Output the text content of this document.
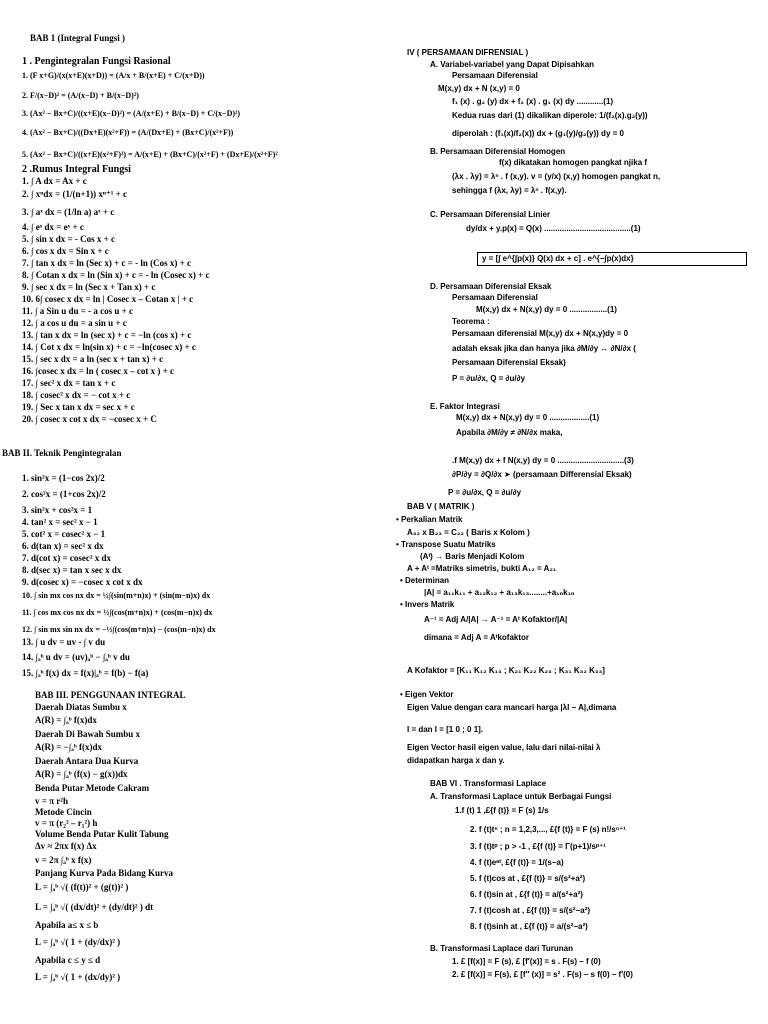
BAB 1 (Integral Fungsi )
1 . Pengintegralan Fungsi Rasional
1. (F x+G)/(x(x+E)(x+D)) = (A/x + B/(x+E) + C/(x+D))
2. F/(x−D)² = (A/(x−D) + B/(x−D)²)
3. (Ax² − Bx+C)/((x+E)(x−D)²) = (A/(x+E) + B/(x−D) + C/(x−D)²)
4. (Ax² − Bx+C)/((Dx+E)(x²+F)) = (A/(Dx+E) + (Bx+C)/(x²+F))
5. (Ax² − Bx+C)/((x+E)(x²+F)²) = A/(x+E) + (Bx+C)/(x²+F) + (Dx+E)/(x²+F)²
2 .Rumus Integral Fungsi
1. ∫ A dx = Ax + c
2. ∫ xⁿdx = (1/(n+1)) xⁿ⁺¹ + c
3. ∫ aˣ dx = (1/ln a) aˣ + c
4. ∫ eˣ dx = eˣ + c
5. ∫ sin x dx = - Cos x + c
6. ∫ cos x dx = Sin x + c
7. ∫ tan x dx = ln (Sec x) + c = - ln (Cos x) + c
8. ∫ Cotan x dx = ln (Sin x) + c = - ln (Cosec x) + c
9. ∫ sec x dx = ln (Sec x + Tan x) + c
10. 6∫ cosec x dx = ln | Cosec x – Cotan x | + c
11. ∫ a Sin u du = - a cos u + c
12. ∫ a cos u du = a sin u + c
13. ∫ tan x dx = ln (sec x) + c = −ln (cos x) + c
14. ∫ Cot x dx = ln(sin x) + c = −ln(cosec x) + c
15. ∫ sec x dx = a ln (sec x + tan x) + c
16. ∫cosec x dx = ln ( cosec x – cot x ) + c
17. ∫ sec² x dx = tan x + c
18. ∫ cosec² x dx = − cot x + c
19. ∫ Sec x tan x dx = sec x + c
20. ∫ cosec x cot x dx = −cosec x + C
BAB II. Teknik Pengintegralan
1. sin²x = (1−cos 2x)/2
2. cos²x = (1+cos 2x)/2
3. sin²x + cos²x = 1
4. tan² x = sec² x − 1
5. cot² x = cosec² x − 1
6. d(tan x) = sec² x dx
7. d(cot x) = cosec² x dx
8. d(sec x) = tan x sec x dx
9. d(cosec x) = −cosec x cot x dx
10. ∫ sin mx cos nx dx = ½∫(sin(m+n)x) + (sin(m−n)x) dx
11. ∫ cos mx cos nx dx = ½∫(cos(m+n)x) + (cos(m−n)x) dx
12. ∫ sin mx sin nx dx = −½∫(cos(m+n)x) − (cos(m−n)x) dx
13. ∫ u dv = uv - ∫ v du
14. ∫ₐᵇ u dv = (uv)ₐᵇ − ∫ₐᵇ v du
15. ∫ₐᵇ f(x) dx = f(x)|ₐᵇ = f(b) − f(a)
BAB III. PENGGUNAAN INTEGRAL
Daerah Diatas Sumbu x
A(R) = ∫ₐᵇ f(x)dx
Daerah Di Bawah Sumbu x
A(R) = −∫ₐᵇ f(x)dx
Daerah Antara Dua Kurva
A(R) = ∫ₐᵇ (f(x) − g(x))dx
Benda Putar Metode Cakram
v = π r²h
Metode Cincin
v = π (r₂² – r₁²) h
Volume Benda Putar Kulit Tabung
Δv ≈ 2πx f(x) Δx
v = 2π ∫ₐᵇ x f(x)
Panjang Kurva Pada Bidang Kurva
L = ∫ₐᵇ √( (f(t))² + (g(t))² )
L = ∫ₐᵇ √( (dx/dt)² + (dy/dt)² ) dt
Apabila a≤ x ≤ b
L = ∫ₐᵇ √( 1 + (dy/dx)² )
Apabila c ≤ y ≤ d
L = ∫ₐᵇ √( 1 + (dx/dy)² )
IV ( PERSAMAAN DIFRENSIAL )
A. Variabel-variabel yang Dapat Dipisahkan
Persamaan Diferensial
M(x,y) dx + N (x,y) = 0
f₁ (x) . g₂ (y) dx + f₂ (x) . g₁ (x) dy ............(1)
Kedua ruas dari (1) dikalikan diperole: 1/(f₂(x).g₂(y))
diperolah : (f₁(x)/f₂(x)) dx + (g₁(y)/g₂(y)) dy = 0
B. Persamaan Diferensial Homogen
f(x) dikatakan homogen pangkat njika f
(λx . λy) = λⁿ . f (x,y). v = (y/x) (x,y) homogen pangkat n,
sehingga f (λx, λy) = λⁿ . f(x,y).
C. Persamaan Diferensial Linier
dy/dx + y.p(x) = Q(x) .......................................(1)
y = [∫ e^{∫p(x)} Q(x) dx + c] . e^{−∫p(x)dx}
D. Persamaan Diferensial Eksak
Persamaan Diferensial
M(x,y) dx + N(x,y) dy = 0 .................(1)
Teorema :
Persamaan diferensial M(x,y) dx + N(x,y)dy = 0
adalah eksak jika dan hanya jika ∂M/∂y ↔ ∂N/∂x (
Persamaan Diferensial Eksak)
P = ∂u/∂x, Q = ∂u/∂y
E. Faktor Integrasi
M(x,y) dx + N(x,y) dy = 0 ..................(1)
Apabila ∂M/∂y ≠ ∂N/∂x maka,
.f M(x,y) dx + f N(x,y) dy = 0 ..............................(3)
∂P/∂y = ∂Q/∂x ➤ (persamaan Differensial Eksak)
P = ∂u/∂x, Q = ∂u/∂y
BAB V ( MATRIK )
• Perkalian Matrik
A₃₂ x B₂₃ = C₂₂ ( Baris x Kolom )
• Transpose Suatu Matriks
(Aᵗ) → Baris Menjadi Kolom
A + Aᵗ =Matriks simetris, bukti A₁₂ = A₂₁
• Determinan
|A| = a₁₁k₁₁ + a₁₂k₁₂ + a₁₃k₁₃........+a₁ₙk₁ₙ
• Invers Matrik
A⁻¹ = Adj A/|A| → A⁻¹ = Aᵗ Kofaktor/|A|
dimana = Adj A = Aᵗkofaktor
A Kofaktor = [K₁₁ K₁₂ K₁₃ ; K₂₁ K₂₂ K₂₃ ; K₃₁ K₃₂ K₃₃]
• Eigen Vektor
Eigen Value dengan cara mancari harga |λI − A|,dimana
I = dan I = [1 0 ; 0 1].
Eigen Vector hasil eigen value, lalu dari nilai-nilai λ
didapatkan harga x dan y.
BAB VI . Transformasi Laplace
A. Transformasi Laplace untuk Berbagai Fungsi
1.f (t) 1 ,£{f (t)} = F (s) 1/s
2. f (t)tⁿ ; n = 1,2,3,..., £{f (t)} = F (s) n!/sⁿ⁺¹
3. f (t)tᵖ ; p > -1 , £{f (t)} = Γ(p+1)/sᵖ⁺¹
4. f (t)eᵃᵗ, £{f (t)} = 1/(s−a)
5. f (t)cos at , £{f (t)} = s/(s²+a²)
6. f (t)sin at , £{f (t)} = a/(s²+a²)
7. f (t)cosh at , £{f (t)} = s/(s²−a²)
8. f (t)sinh at , £{f (t)} = a/(s²−a²)
B. Transformasi Laplace dari Turunan
1. £ [f(x)] = F (s), £ [f′(x)] = s . F(s) – f (0)
2. £ [f(x)] = F(s), £ [f″ (x)] = s² . F(s) – s f(0) – f′(0)
